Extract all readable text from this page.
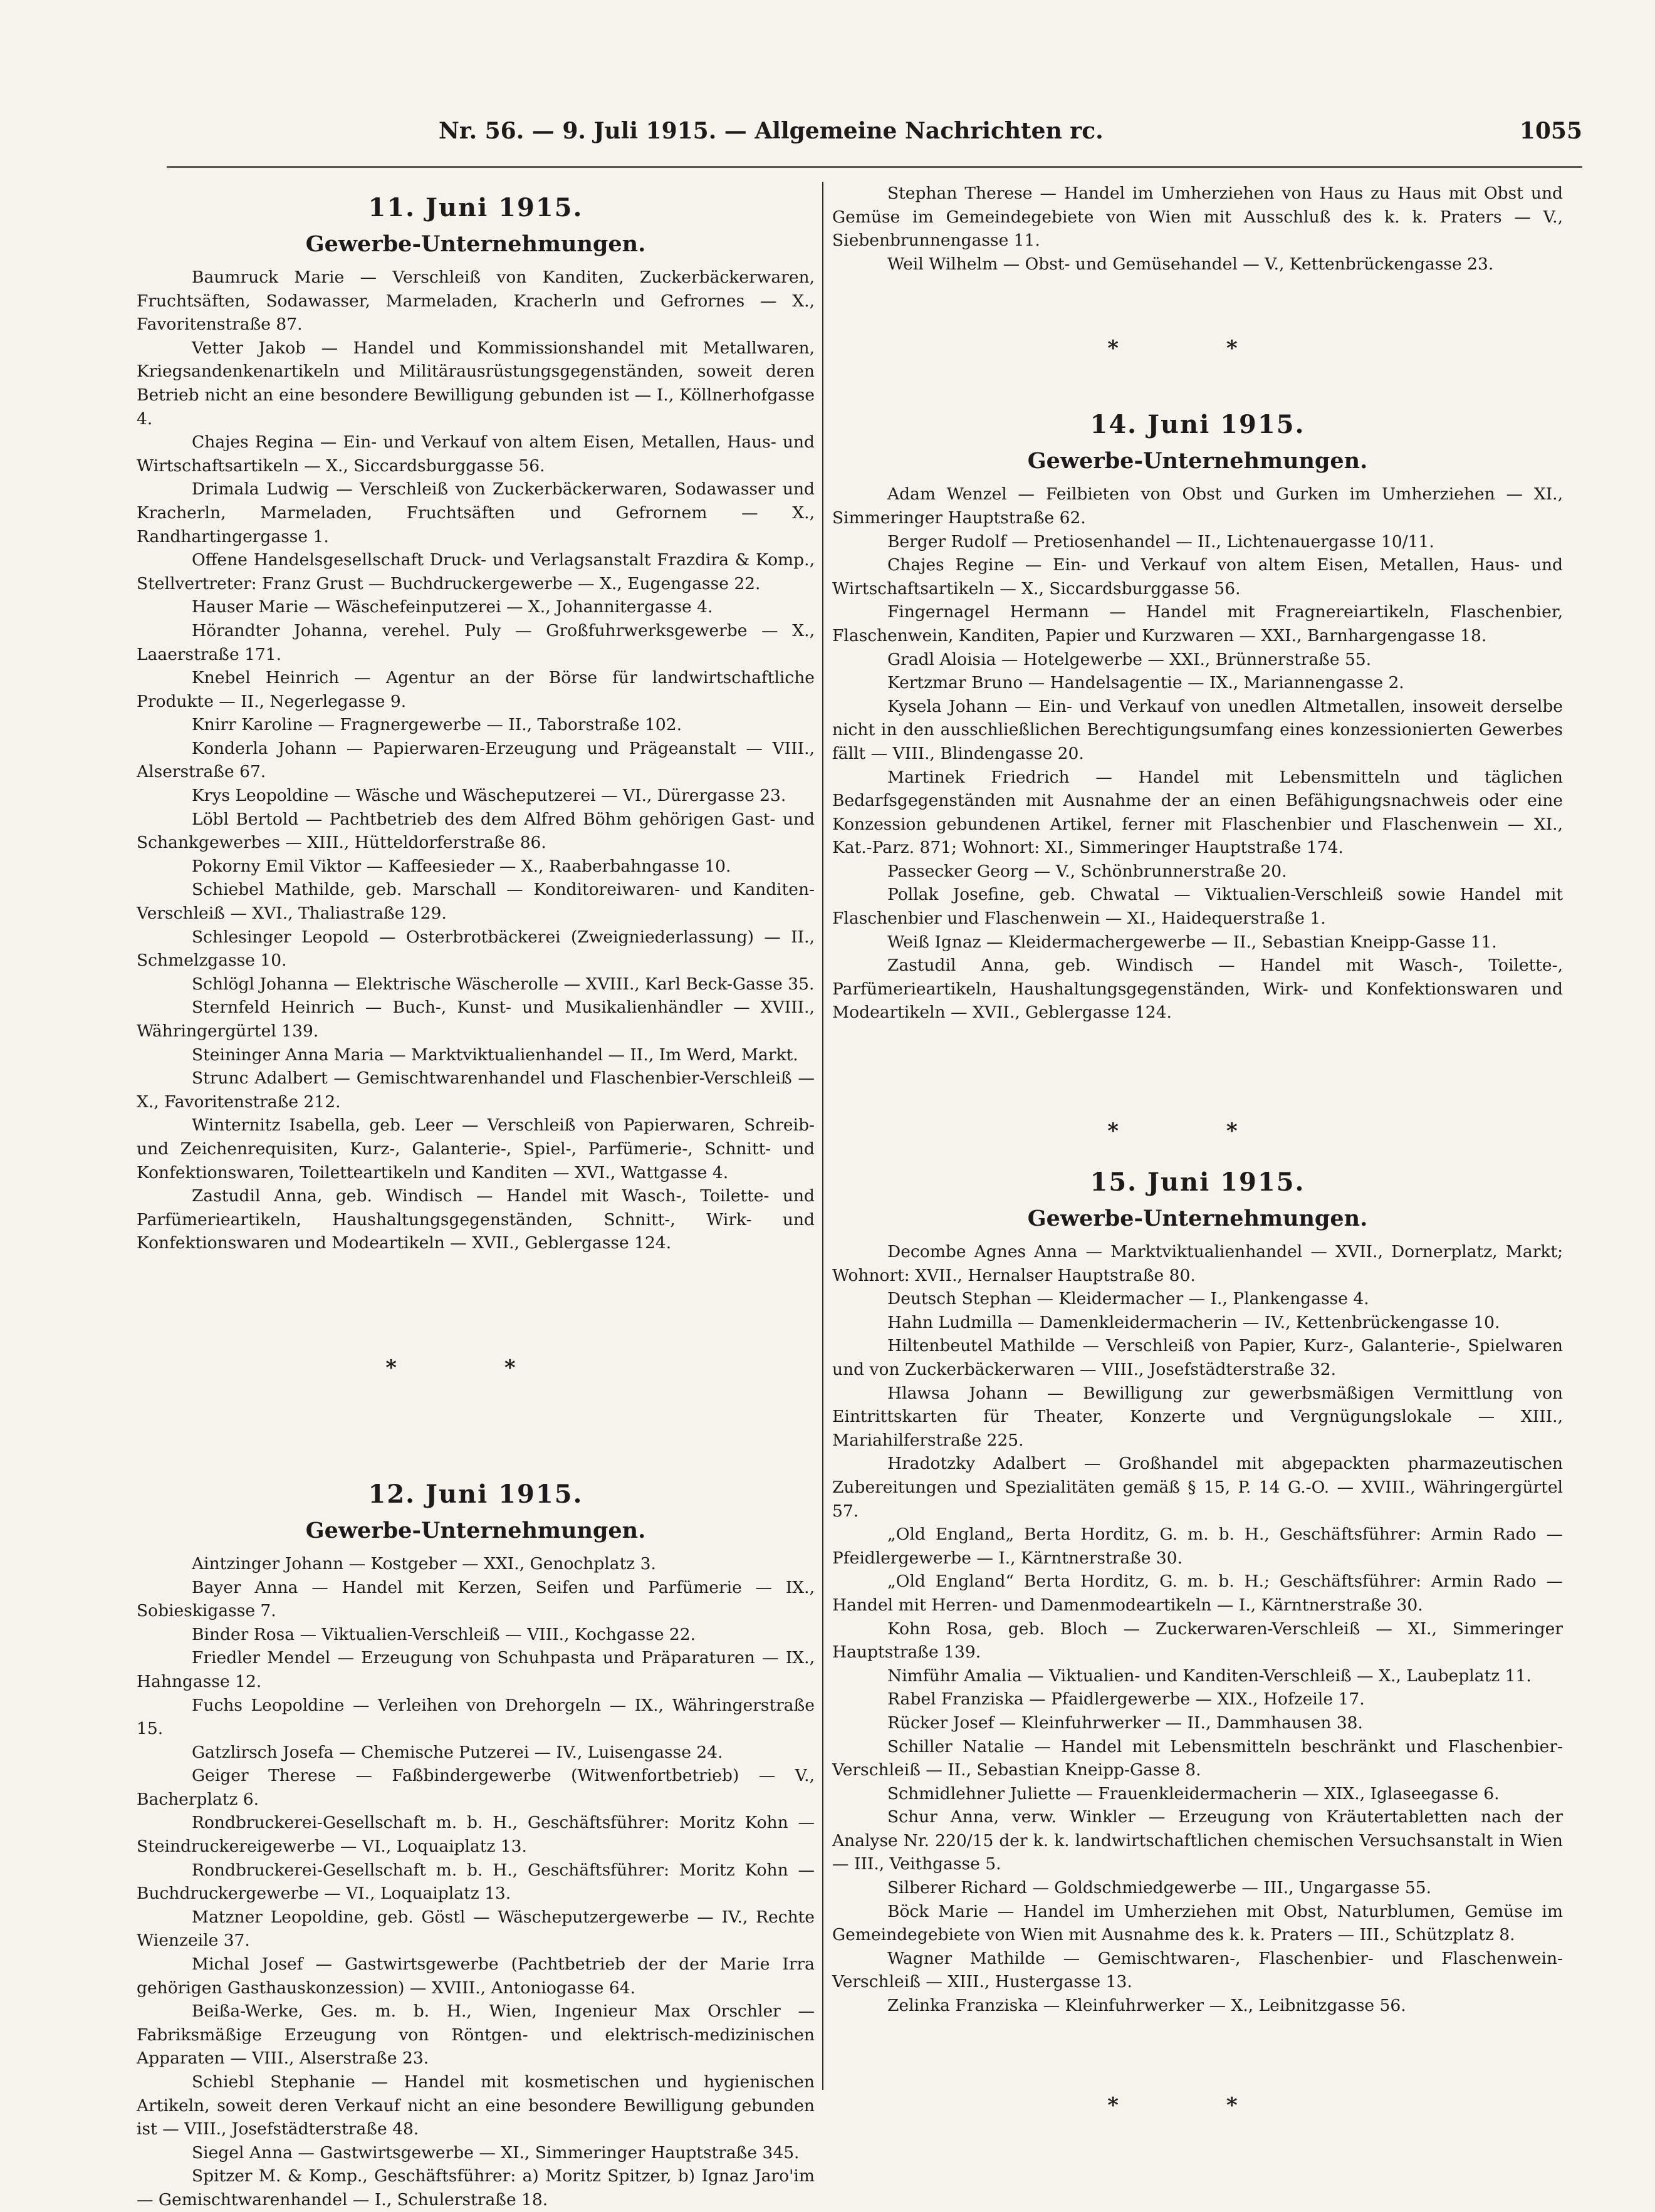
Nr. 56. — 9. Juli 1915. — Allgemeine Nachrichten rc.	1055
11. Juni 1915.
Gewerbe-Unternehmungen.

Baumruck Marie — Verschleiß von Kanditen, Zuckerbäckerwaren, Fruchtsäften, Sodawasser, Marmeladen, Kracherln und Gefrornes — X., Favoritenstraße 87.

Vetter Jakob — Handel und Kommissionshandel mit Metallwaren, Kriegsandenkenartikeln und Militärausrüstungsgegenständen, soweit deren Betrieb nicht an eine besondere Bewilligung gebunden ist — I., Köllnerhofgasse 4.

Chajes Regina — Ein- und Verkauf von altem Eisen, Metallen, Haus- und Wirtschaftsartikeln — X., Siccardsburggasse 56.

Drimala Ludwig — Verschleiß von Zuckerbäckerwaren, Sodawasser und Kracherln, Marmeladen, Fruchtsäften und Gefrornem — X., Randhartingergasse 1.

Offene Handelsgesellschaft Druck- und Verlagsanstalt Frazdira & Komp., Stellvertreter: Franz Grust — Buchdruckergewerbe — X., Eugengasse 22.

Hauser Marie — Wäschefeinputzerei — X., Johannitergasse 4.

Hörandter Johanna, verehel. Puly — Großfuhrwerksgewerbe — X., Laaerstraße 171.

Knebel Heinrich — Agentur an der Börse für landwirtschaftliche Produkte — II., Negerlegasse 9.

Knirr Karoline — Fragnergewerbe — II., Taborstraße 102.

Konderla Johann — Papierwaren-Erzeugung und Prägeanstalt — VIII., Alserstraße 67.

Krys Leopoldine — Wäsche und Wäscheputzerei — VI., Dürergasse 23.

Löbl Bertold — Pachtbetrieb des dem Alfred Böhm gehörigen Gast- und Schankgewerbes — XIII., Hütteldorferstraße 86.

Pokorny Emil Viktor — Kaffeesieder — X., Raaberbahngasse 10.

Schiebel Mathilde, geb. Marschall — Konditoreiwaren- und Kanditen-Verschleiß — XVI., Thaliastraße 129.

Schlesinger Leopold — Osterbrotbäckerei (Zweigniederlassung) — II., Schmelzgasse 10.

Schlögl Johanna — Elektrische Wäscherolle — XVIII., Karl Beck-Gasse 35.

Sternfeld Heinrich — Buch-, Kunst- und Musikalienhändler — XVIII., Währingergürtel 139.

Steininger Anna Maria — Marktviktualienhandel — II., Im Werd, Markt.

Strunc Adalbert — Gemischtwarenhandel und Flaschenbier-Verschleiß — X., Favoritenstraße 212.

Winternitz Isabella, geb. Leer — Verschleiß von Papierwaren, Schreib- und Zeichenrequisiten, Kurz-, Galanterie-, Spiel-, Parfümerie-, Schnitt- und Konfektionswaren, Toiletteartikeln und Kanditen — XVI., Wattgasse 4.

Zastudil Anna, geb. Windisch — Handel mit Wasch-, Toilette- und Parfümerieartikeln, Haushaltungsgegenständen, Schnitt-, Wirk- und Konfektionswaren und Modeartikeln — XVII., Geblergasse 124.

* *
12. Juni 1915.
Gewerbe-Unternehmungen.

Aintzinger Johann — Kostgeber — XXI., Genochplatz 3.

Bayer Anna — Handel mit Kerzen, Seifen und Parfümerie — IX., Sobieskigasse 7.

Binder Rosa — Viktualien-Verschleiß — VIII., Kochgasse 22.

Friedler Mendel — Erzeugung von Schuhpasta und Präparaturen — IX., Hahngasse 12.

Fuchs Leopoldine — Verleihen von Drehorgeln — IX., Währingerstraße 15.

Gatzlirsch Josefa — Chemische Putzerei — IV., Luisengasse 24.

Geiger Therese — Faßbindergewerbe (Witwenfortbetrieb) — V., Bacherplatz 6.

Rondbruckerei-Gesellschaft m. b. H., Geschäftsführer: Moritz Kohn — Steindruckereigewerbe — VI., Loquaiplatz 13.

Rondbruckerei-Gesellschaft m. b. H., Geschäftsführer: Moritz Kohn — Buchdruckergewerbe — VI., Loquaiplatz 13.

Matzner Leopoldine, geb. Göstl — Wäscheputzergewerbe — IV., Rechte Wienzeile 37.

Michal Josef — Gastwirtsgewerbe (Pachtbetrieb der der Marie Irra gehörigen Gasthauskonzession) — XVIII., Antoniogasse 64.

Beißa-Werke, Ges. m. b. H., Wien, Ingenieur Max Orschler — Fabriksmäßige Erzeugung von Röntgen- und elektrisch-medizinischen Apparaten — VIII., Alserstraße 23.

Schiebl Stephanie — Handel mit kosmetischen und hygienischen Artikeln, soweit deren Verkauf nicht an eine besondere Bewilligung gebunden ist — VIII., Josefstädterstraße 48.

Siegel Anna — Gastwirtsgewerbe — XI., Simmeringer Hauptstraße 345.

Spitzer M. & Komp., Geschäftsführer: a) Moritz Spitzer, b) Ignaz Jaro'im — Gemischtwarenhandel — I., Schulerstraße 18.

Stephan Therese — Handel im Umherziehen von Haus zu Haus mit Obst und Gemüse im Gemeindegebiete von Wien mit Ausschluß des k. k. Praters — V., Siebenbrunnengasse 11.

Weil Wilhelm — Obst- und Gemüsehandel — V., Kettenbrückengasse 23.

* *
14. Juni 1915.
Gewerbe-Unternehmungen.

Adam Wenzel — Feilbieten von Obst und Gurken im Umherziehen — XI., Simmeringer Hauptstraße 62.

Berger Rudolf — Pretiosenhandel — II., Lichtenauergasse 10/11.

Chajes Regine — Ein- und Verkauf von altem Eisen, Metallen, Haus- und Wirtschaftsartikeln — X., Siccardsburggasse 56.

Fingernagel Hermann — Handel mit Fragnereiartikeln, Flaschenbier, Flaschenwein, Kanditen, Papier und Kurzwaren — XXI., Barnhargengasse 18.

Gradl Aloisia — Hotelgewerbe — XXI., Brünnerstraße 55.

Kertzmar Bruno — Handelsagentie — IX., Mariannengasse 2.

Kysela Johann — Ein- und Verkauf von unedlen Altmetallen, insoweit derselbe nicht in den ausschließlichen Berechtigungsumfang eines konzessionierten Gewerbes fällt — VIII., Blindengasse 20.

Martinek Friedrich — Handel mit Lebensmitteln und täglichen Bedarfsgegenständen mit Ausnahme der an einen Befähigungsnachweis oder eine Konzession gebundenen Artikel, ferner mit Flaschenbier und Flaschenwein — XI., Kat.-Parz. 871; Wohnort: XI., Simmeringer Hauptstraße 174.

Passecker Georg — V., Schönbrunnerstraße 20.

Pollak Josefine, geb. Chwatal — Viktualien-Verschleiß sowie Handel mit Flaschenbier und Flaschenwein — XI., Haidequerstraße 1.

Weiß Ignaz — Kleidermachergewerbe — II., Sebastian Kneipp-Gasse 11.

Zastudil Anna, geb. Windisch — Handel mit Wasch-, Toilette-, Parfümerieartikeln, Haushaltungsgegenständen, Wirk- und Konfektionswaren und Modeartikeln — XVII., Geblergasse 124.

* *
15. Juni 1915.
Gewerbe-Unternehmungen.

Decombe Agnes Anna — Marktviktualienhandel — XVII., Dornerplatz, Markt; Wohnort: XVII., Hernalser Hauptstraße 80.

Deutsch Stephan — Kleidermacher — I., Plankengasse 4.

Hahn Ludmilla — Damenkleidermacherin — IV., Kettenbrückengasse 10.

Hiltenbeutel Mathilde — Verschleiß von Papier, Kurz-, Galanterie-, Spielwaren und von Zuckerbäckerwaren — VIII., Josefstädterstraße 32.

Hlawsa Johann — Bewilligung zur gewerbsmäßigen Vermittlung von Eintrittskarten für Theater, Konzerte und Vergnügungslokale — XIII., Mariahilferstraße 225.

Hradotzky Adalbert — Großhandel mit abgepackten pharmazeutischen Zubereitungen und Spezialitäten gemäß § 15, P. 14 G.-O. — XVIII., Währingergürtel 57.

„Old England„ Berta Horditz, G. m. b. H., Geschäftsführer: Armin Rado — Pfeidlergewerbe — I., Kärntnerstraße 30.

„Old England“ Berta Horditz, G. m. b. H.; Geschäftsführer: Armin Rado — Handel mit Herren- und Damenmodeartikeln — I., Kärntnerstraße 30.

Kohn Rosa, geb. Bloch — Zuckerwaren-Verschleiß — XI., Simmeringer Hauptstraße 139.

Nimführ Amalia — Viktualien- und Kanditen-Verschleiß — X., Laubeplatz 11.

Rabel Franziska — Pfaidlergewerbe — XIX., Hofzeile 17.

Rücker Josef — Kleinfuhrwerker — II., Dammhausen 38.

Schiller Natalie — Handel mit Lebensmitteln beschränkt und Flaschenbier-Verschleiß — II., Sebastian Kneipp-Gasse 8.

Schmidlehner Juliette — Frauenkleidermacherin — XIX., Iglaseegasse 6.

Schur Anna, verw. Winkler — Erzeugung von Kräutertabletten nach der Analyse Nr. 220/15 der k. k. landwirtschaftlichen chemischen Versuchsanstalt in Wien — III., Veithgasse 5.

Silberer Richard — Goldschmiedgewerbe — III., Ungargasse 55.

Böck Marie — Handel im Umherziehen mit Obst, Naturblumen, Gemüse im Gemeindegebiete von Wien mit Ausnahme des k. k. Praters — III., Schützplatz 8.

Wagner Mathilde — Gemischtwaren-, Flaschenbier- und Flaschenwein-Verschleiß — XIII., Hustergasse 13.

Zelinka Franziska — Kleinfuhrwerker — X., Leibnitzgasse 56.

* *
